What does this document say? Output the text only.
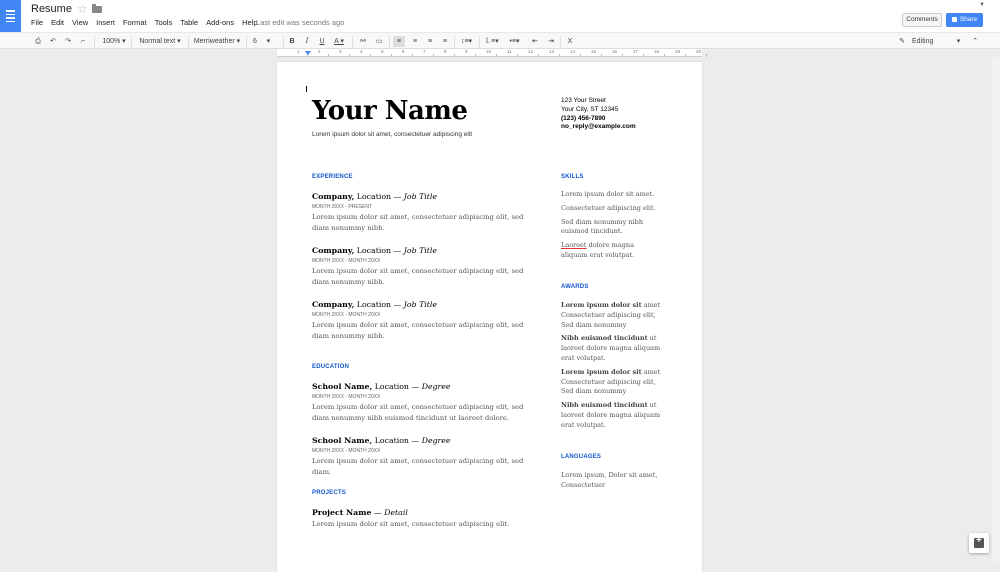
Resume ☆
File Edit View Insert Format Tools Table Add-ons Help
Last edit was seconds ago
▼
Comments	Share
⎙	↶ ↷	⌐	100% ▾	Normal text ▾	Merriweather ▾	6     ▾	B	I	U	A ▾	⚯	▭	≡	≡	≡	≡	↕≡▾	⒈≡▾	•≡▾	⇤	⇥	Ⅹ	✎ Editing            ▾	⌃
1	2	3	4	5	6	7	8	9	10	11	12	13	14	15	16	17	18	19	20
Your Name
Lorem ipsum dolor sit amet, consectetuer adipiscing elit
123 Your Street
Your City, ST 12345
(123) 456-7890
no_reply@example.com
EXPERIENCE
Company, Location — Job Title
MONTH 20XX - PRESENT
Lorem ipsum dolor sit amet, consectetuer adipiscing elit, sed diam nonummy nibh.
Company, Location — Job Title
MONTH 20XX - MONTH 20XX
Lorem ipsum dolor sit amet, consectetuer adipiscing elit, sed diam nonummy nibh.
Company, Location — Job Title
MONTH 20XX - MONTH 20XX
Lorem ipsum dolor sit amet, consectetuer adipiscing elit, sed diam nonummy nibh.
EDUCATION
School Name, Location — Degree
MONTH 20XX - MONTH 20XX
Lorem ipsum dolor sit amet, consectetuer adipiscing elit, sed diam nonummy nibh euismod tincidunt ut laoreet dolore.
School Name, Location — Degree
MONTH 20XX - MONTH 20XX
Lorem ipsum dolor sit amet, consectetuer adipiscing elit, sed diam.
PROJECTS
Project Name — Detail
Lorem ipsum dolor sit amet, consectetuer adipiscing elit.
SKILLS
Lorem ipsum dolor sit amet.
Consectetuer adipiscing elit.
Sed diam nonummy nibh euismod tincidunt.
Laoreet dolore magna aliquam erat volutpat.
AWARDS
Lorem ipsum dolor sit amet Consectetuer adipiscing elit, Sed diam nonummy
Nibh euismod tincidunt ut laoreet dolore magna aliquam erat volutpat.
Lorem ipsum dolor sit amet Consectetuer adipiscing elit, Sed diam nonummy
Nibh euismod tincidunt ut laoreet dolore magna aliquam erat volutpat.
LANGUAGES
Lorem ipsum, Dolor sit amet, Consectetuer
+
